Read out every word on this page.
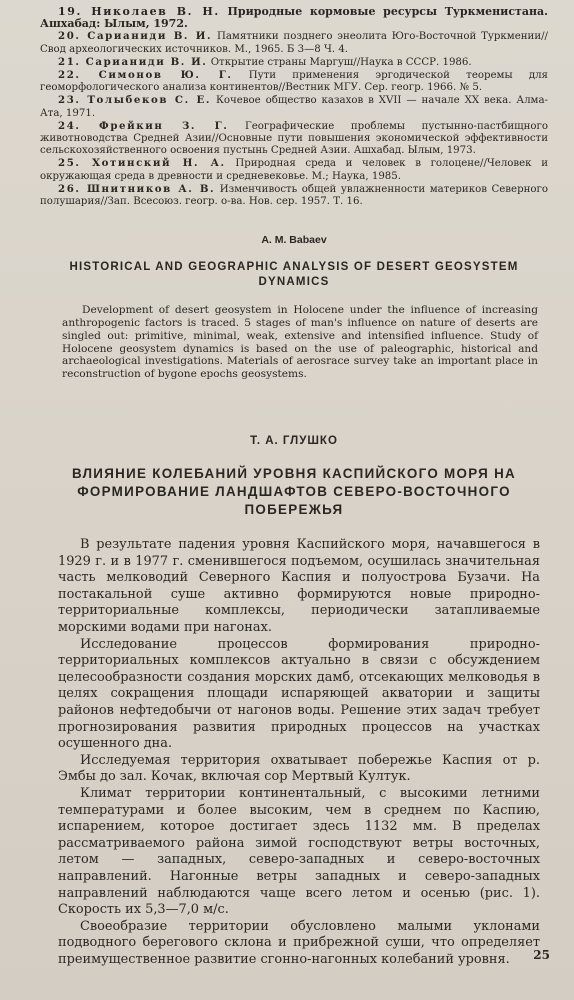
19. Николаев В. Н. Природные кормовые ресурсы Туркменистана. Ашхабад: Ылым, 1972.

20. Сарианиди В. И. Памятники позднего энеолита Юго-Восточной Туркмении//Свод археологических источников. М., 1965. Б 3—8 Ч. 4.

21. Сарианиди В. И. Открытие страны Маргуш//Наука в СССР. 1986.

22. Симонов Ю. Г. Пути применения эргодической теоремы для геоморфологического анализа континентов//Вестник МГУ. Сер. геогр. 1966. № 5.

23. Толыбеков С. Е. Кочевое общество казахов в XVII — начале XX века. Алма-Ата, 1971.

24. Фрейкин З. Г. Географические проблемы пустынно-пастбищного животноводства Средней Азии//Основные пути повышения экономической эффективности сельскохозяйственного освоения пустынь Средней Азии. Ашхабад. Ылым, 1973.

25. Хотинский Н. А. Природная среда и человек в голоцене//Человек и окружающая среда в древности и средневековье. М.; Наука, 1985.

26. Шнитников А. В. Изменчивость общей увлажненности материков Северного полушария//Зап. Всесоюз. геогр. о-ва. Нов. сер. 1957. Т. 16.

A. M. Babaev
HISTORICAL AND GEOGRAPHIC ANALYSIS OF DESERT GEOSYSTEM DYNAMICS

Development of desert geosystem in Holocene under the influence of increasing anthropogenic factors is traced. 5 stages of man's influence on nature of deserts are singled out: primitive, minimal, weak, extensive and intensified influence. Study of Holocene geosystem dynamics is based on the use of paleographic, historical and archaeological investigations. Materials of aerosrace survey take an important place in reconstruction of bygone epochs geosystems.

Т. А. ГЛУШКО
ВЛИЯНИЕ КОЛЕБАНИЙ УРОВНЯ КАСПИЙСКОГО МОРЯ НА ФОРМИРОВАНИЕ ЛАНДШАФТОВ СЕВЕРО-ВОСТОЧНОГО ПОБЕРЕЖЬЯ

В результате падения уровня Каспийского моря, начавшегося в 1929 г. и в 1977 г. сменившегося подъемом, осушилась значительная часть мелководий Северного Каспия и полуострова Бузачи. На постакальной суше активно формируются новые природно-территориальные комплексы, периодически затапливаемые морскими водами при нагонах.

Исследование процессов формирования природно-территориальных комплексов актуально в связи с обсуждением целесообразности создания морских дамб, отсекающих мелководья в целях сокращения площади испаряющей акватории и защиты районов нефтедобычи от нагонов воды. Решение этих задач требует прогнозирования развития природных процессов на участках осушенного дна.

Исследуемая территория охватывает побережье Каспия от р. Эмбы до зал. Кочак, включая сор Мертвый Култук.

Климат территории континентальный, с высокими летними температурами и более высоким, чем в среднем по Каспию, испарением, которое достигает здесь 1132 мм. В пределах рассматриваемого района зимой господствуют ветры восточных, летом — западных, северо-западных и северо-восточных направлений. Нагонные ветры западных и северо-западных направлений наблюдаются чаще всего летом и осенью (рис. 1). Скорость их 5,3—7,0 м/с.

Своеобразие территории обусловлено малыми уклонами подводного берегового склона и прибрежной суши, что определяет преимущественное развитие сгонно-нагонных колебаний уровня.	25
